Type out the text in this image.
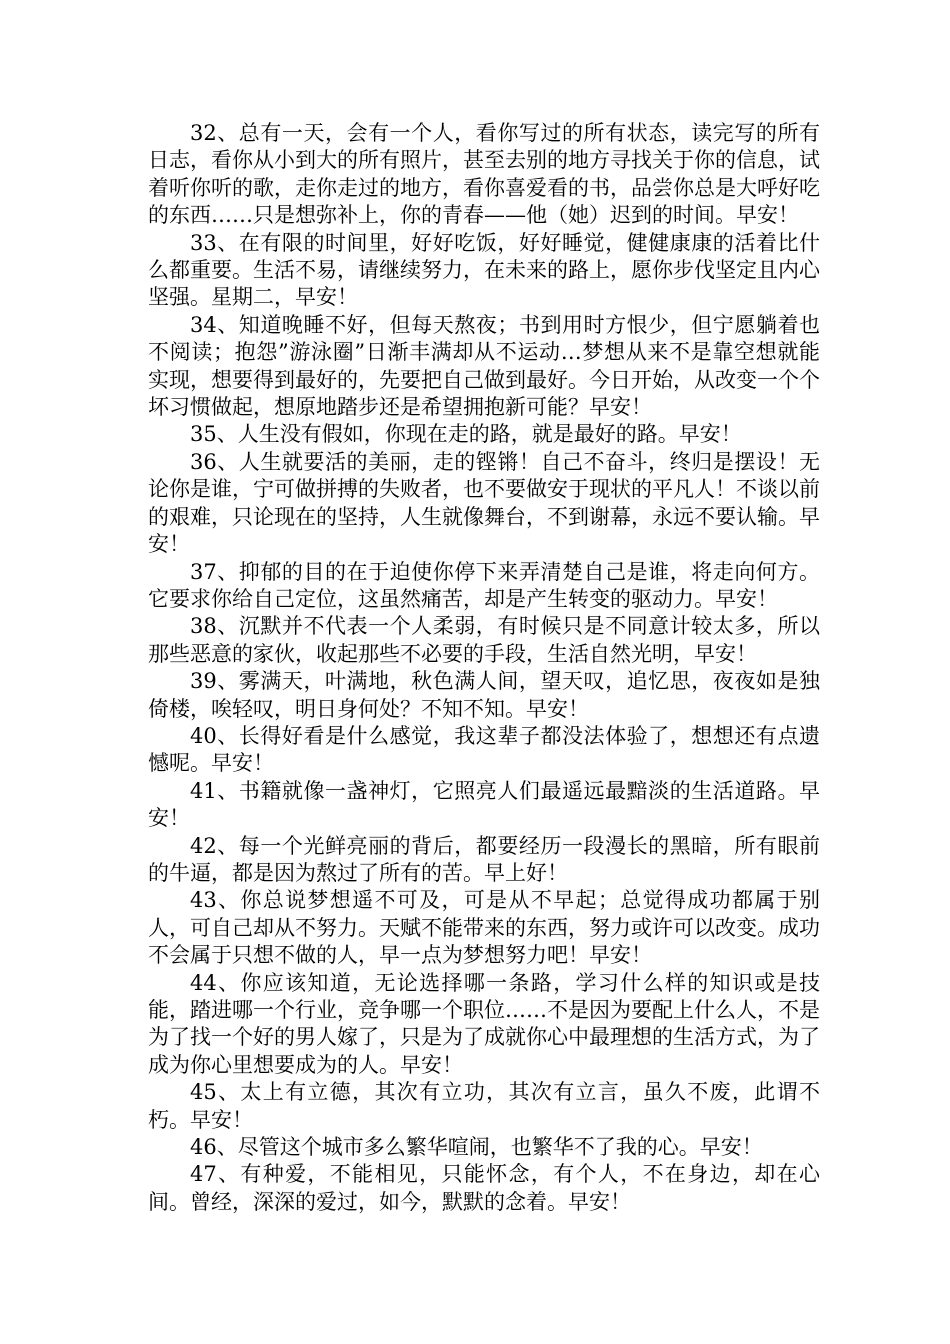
32、总有一天，会有一个人，看你写过的所有状态，读完写的所有日志，看你从小到大的所有照片，甚至去别的地方寻找关于你的信息，试着听你听的歌，走你走过的地方，看你喜爱看的书，品尝你总是大呼好吃的东西……只是想弥补上，你的青春——他（她）迟到的时间。早安！

33、在有限的时间里，好好吃饭，好好睡觉，健健康康的活着比什么都重要。生活不易，请继续努力，在未来的路上，愿你步伐坚定且内心坚强。星期二，早安！

34、知道晚睡不好，但每天熬夜；书到用时方恨少，但宁愿躺着也不阅读；抱怨”游泳圈”日渐丰满却从不运动…梦想从来不是靠空想就能实现，想要得到最好的，先要把自己做到最好。今日开始，从改变一个个坏习惯做起，想原地踏步还是希望拥抱新可能？早安！

35、人生没有假如，你现在走的路，就是最好的路。早安！

36、人生就要活的美丽，走的铿锵！自己不奋斗，终归是摆设！无论你是谁，宁可做拼搏的失败者，也不要做安于现状的平凡人！不谈以前的艰难，只论现在的坚持，人生就像舞台，不到谢幕，永远不要认输。早安！

37、抑郁的目的在于迫使你停下来弄清楚自己是谁，将走向何方。它要求你给自己定位，这虽然痛苦，却是产生转变的驱动力。早安！

38、沉默并不代表一个人柔弱，有时候只是不同意计较太多，所以那些恶意的家伙，收起那些不必要的手段，生活自然光明，早安！

39、雾满天，叶满地，秋色满人间，望天叹，追忆思，夜夜如是独倚楼，唉轻叹，明日身何处？不知不知。早安！

40、长得好看是什么感觉，我这辈子都没法体验了，想想还有点遗憾呢。早安！

41、书籍就像一盏神灯，它照亮人们最遥远最黯淡的生活道路。早安！

42、每一个光鲜亮丽的背后，都要经历一段漫长的黑暗，所有眼前的牛逼，都是因为熬过了所有的苦。早上好！

43、你总说梦想遥不可及，可是从不早起；总觉得成功都属于别人，可自己却从不努力。天赋不能带来的东西，努力或许可以改变。成功不会属于只想不做的人，早一点为梦想努力吧！早安！

44、你应该知道，无论选择哪一条路，学习什么样的知识或是技能，踏进哪一个行业，竞争哪一个职位……不是因为要配上什么人，不是为了找一个好的男人嫁了，只是为了成就你心中最理想的生活方式，为了成为你心里想要成为的人。早安！

45、太上有立德，其次有立功，其次有立言，虽久不废，此谓不朽。早安！

46、尽管这个城市多么繁华喧闹，也繁华不了我的心。早安！

47、有种爱，不能相见，只能怀念，有个人，不在身边，却在心间。曾经，深深的爱过，如今，默默的念着。早安！
